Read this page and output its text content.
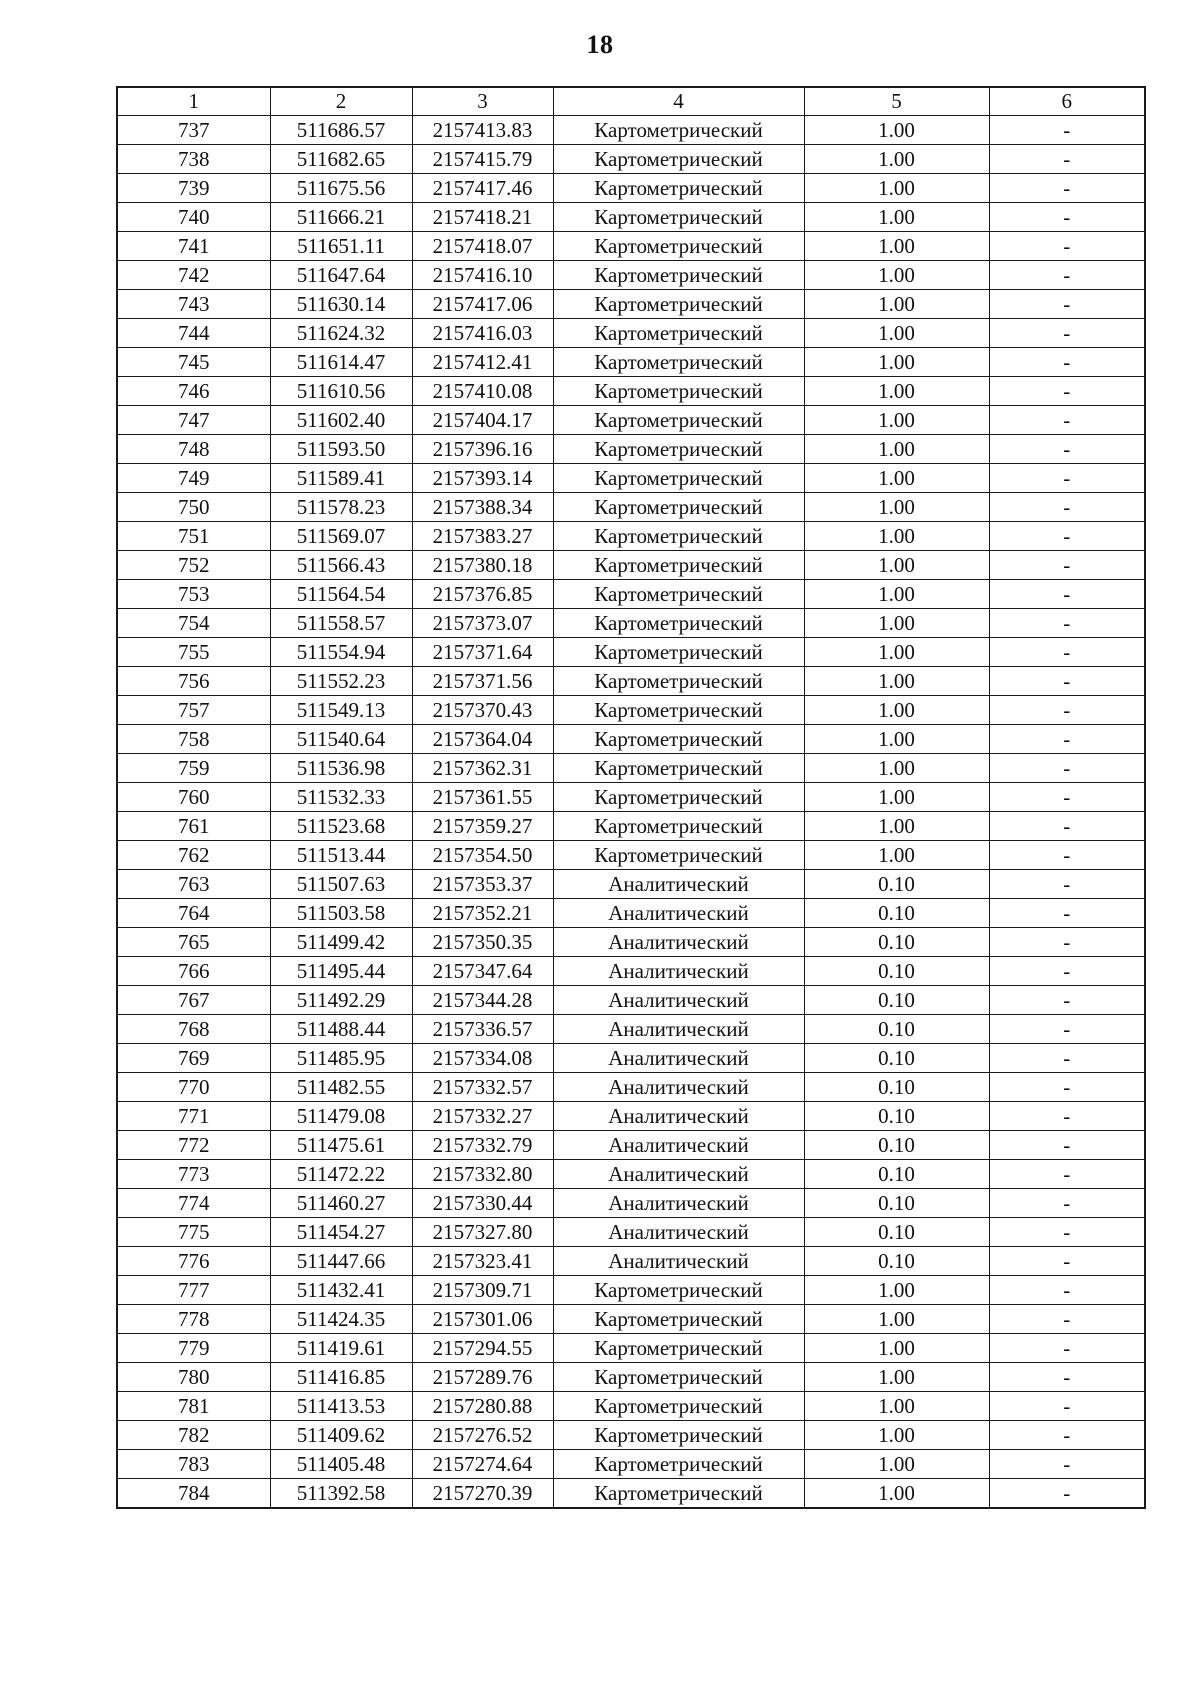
18
1	2	3	4	5	6
737	511686.57	2157413.83	Картометрический	1.00	-
738	511682.65	2157415.79	Картометрический	1.00	-
739	511675.56	2157417.46	Картометрический	1.00	-
740	511666.21	2157418.21	Картометрический	1.00	-
741	511651.11	2157418.07	Картометрический	1.00	-
742	511647.64	2157416.10	Картометрический	1.00	-
743	511630.14	2157417.06	Картометрический	1.00	-
744	511624.32	2157416.03	Картометрический	1.00	-
745	511614.47	2157412.41	Картометрический	1.00	-
746	511610.56	2157410.08	Картометрический	1.00	-
747	511602.40	2157404.17	Картометрический	1.00	-
748	511593.50	2157396.16	Картометрический	1.00	-
749	511589.41	2157393.14	Картометрический	1.00	-
750	511578.23	2157388.34	Картометрический	1.00	-
751	511569.07	2157383.27	Картометрический	1.00	-
752	511566.43	2157380.18	Картометрический	1.00	-
753	511564.54	2157376.85	Картометрический	1.00	-
754	511558.57	2157373.07	Картометрический	1.00	-
755	511554.94	2157371.64	Картометрический	1.00	-
756	511552.23	2157371.56	Картометрический	1.00	-
757	511549.13	2157370.43	Картометрический	1.00	-
758	511540.64	2157364.04	Картометрический	1.00	-
759	511536.98	2157362.31	Картометрический	1.00	-
760	511532.33	2157361.55	Картометрический	1.00	-
761	511523.68	2157359.27	Картометрический	1.00	-
762	511513.44	2157354.50	Картометрический	1.00	-
763	511507.63	2157353.37	Аналитический	0.10	-
764	511503.58	2157352.21	Аналитический	0.10	-
765	511499.42	2157350.35	Аналитический	0.10	-
766	511495.44	2157347.64	Аналитический	0.10	-
767	511492.29	2157344.28	Аналитический	0.10	-
768	511488.44	2157336.57	Аналитический	0.10	-
769	511485.95	2157334.08	Аналитический	0.10	-
770	511482.55	2157332.57	Аналитический	0.10	-
771	511479.08	2157332.27	Аналитический	0.10	-
772	511475.61	2157332.79	Аналитический	0.10	-
773	511472.22	2157332.80	Аналитический	0.10	-
774	511460.27	2157330.44	Аналитический	0.10	-
775	511454.27	2157327.80	Аналитический	0.10	-
776	511447.66	2157323.41	Аналитический	0.10	-
777	511432.41	2157309.71	Картометрический	1.00	-
778	511424.35	2157301.06	Картометрический	1.00	-
779	511419.61	2157294.55	Картометрический	1.00	-
780	511416.85	2157289.76	Картометрический	1.00	-
781	511413.53	2157280.88	Картометрический	1.00	-
782	511409.62	2157276.52	Картометрический	1.00	-
783	511405.48	2157274.64	Картометрический	1.00	-
784	511392.58	2157270.39	Картометрический	1.00	-
